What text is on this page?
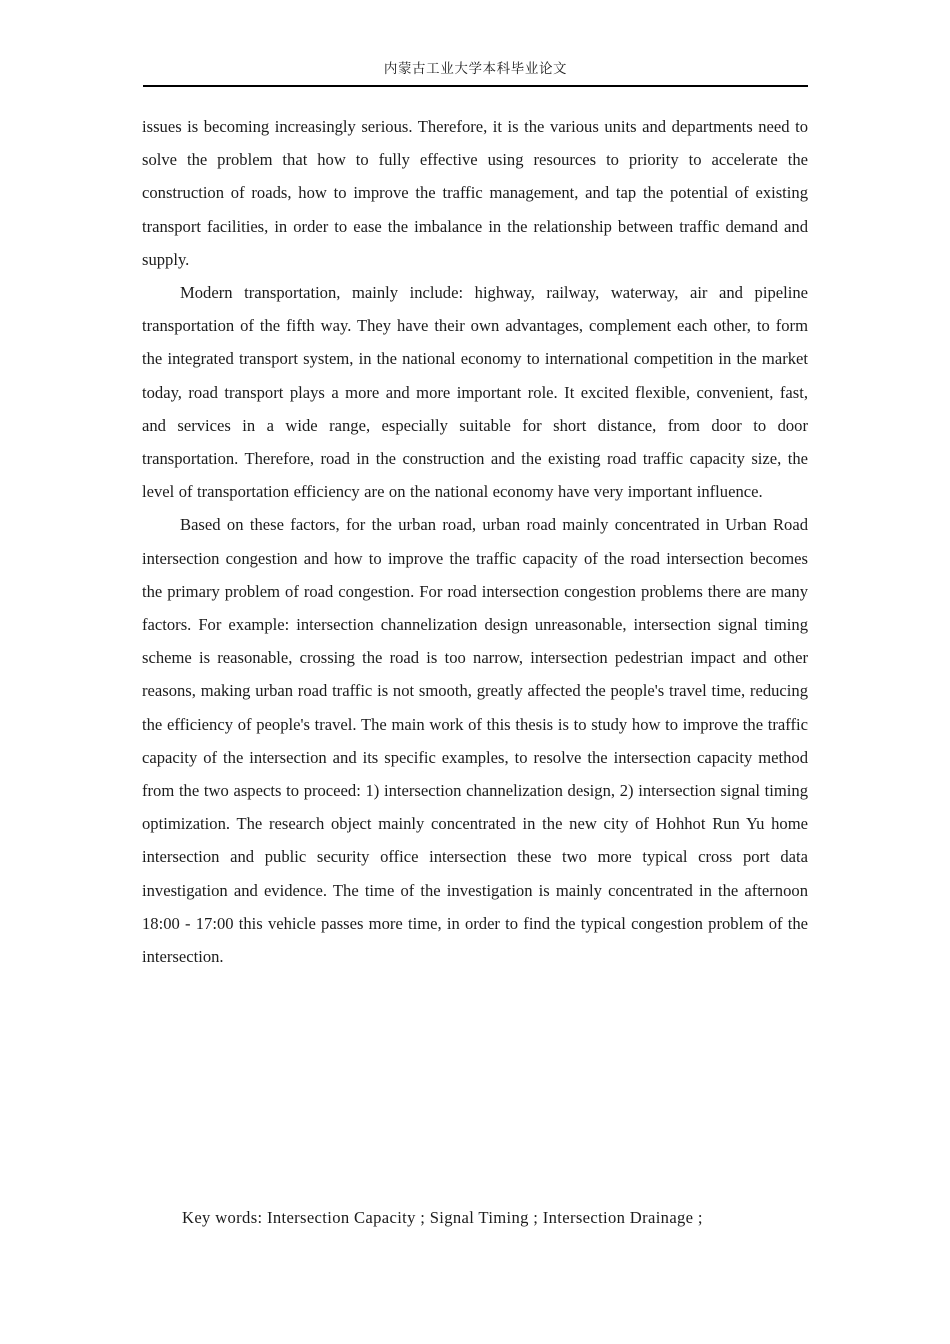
内蒙古工业大学本科毕业论文

issues is becoming increasingly serious. Therefore, it is the various units and departments need to solve the problem that how to fully effective using resources to priority to accelerate the construction of roads, how to improve the traffic management, and tap the potential of existing transport facilities, in order to ease the imbalance in the relationship between traffic demand and supply.

Modern transportation, mainly include: highway, railway, waterway, air and pipeline transportation of the fifth way. They have their own advantages, complement each other, to form the integrated transport system, in the national economy to international competition in the market today, road transport plays a more and more important role. It excited flexible, convenient, fast, and services in a wide range, especially suitable for short distance, from door to door transportation. Therefore, road in the construction and the existing road traffic capacity size, the level of transportation efficiency are on the national economy have very important influence.

Based on these factors, for the urban road, urban road mainly concentrated in Urban Road intersection congestion and how to improve the traffic capacity of the road intersection becomes the primary problem of road congestion. For road intersection congestion problems there are many factors. For example: intersection channelization design unreasonable, intersection signal timing scheme is reasonable, crossing the road is too narrow, intersection pedestrian impact and other reasons, making urban road traffic is not smooth, greatly affected the people's travel time, reducing the efficiency of people's travel. The main work of this thesis is to study how to improve the traffic capacity of the intersection and its specific examples, to resolve the intersection capacity method from the two aspects to proceed: 1) intersection channelization design, 2) intersection signal timing optimization. The research object mainly concentrated in the new city of Hohhot Run Yu home intersection and public security office intersection these two more typical cross port data investigation and evidence. The time of the investigation is mainly concentrated in the afternoon 18:00 - 17:00 this vehicle passes more time, in order to find the typical congestion problem of the intersection.

Key words: Intersection Capacity ; Signal Timing ; Intersection Drainage ;
